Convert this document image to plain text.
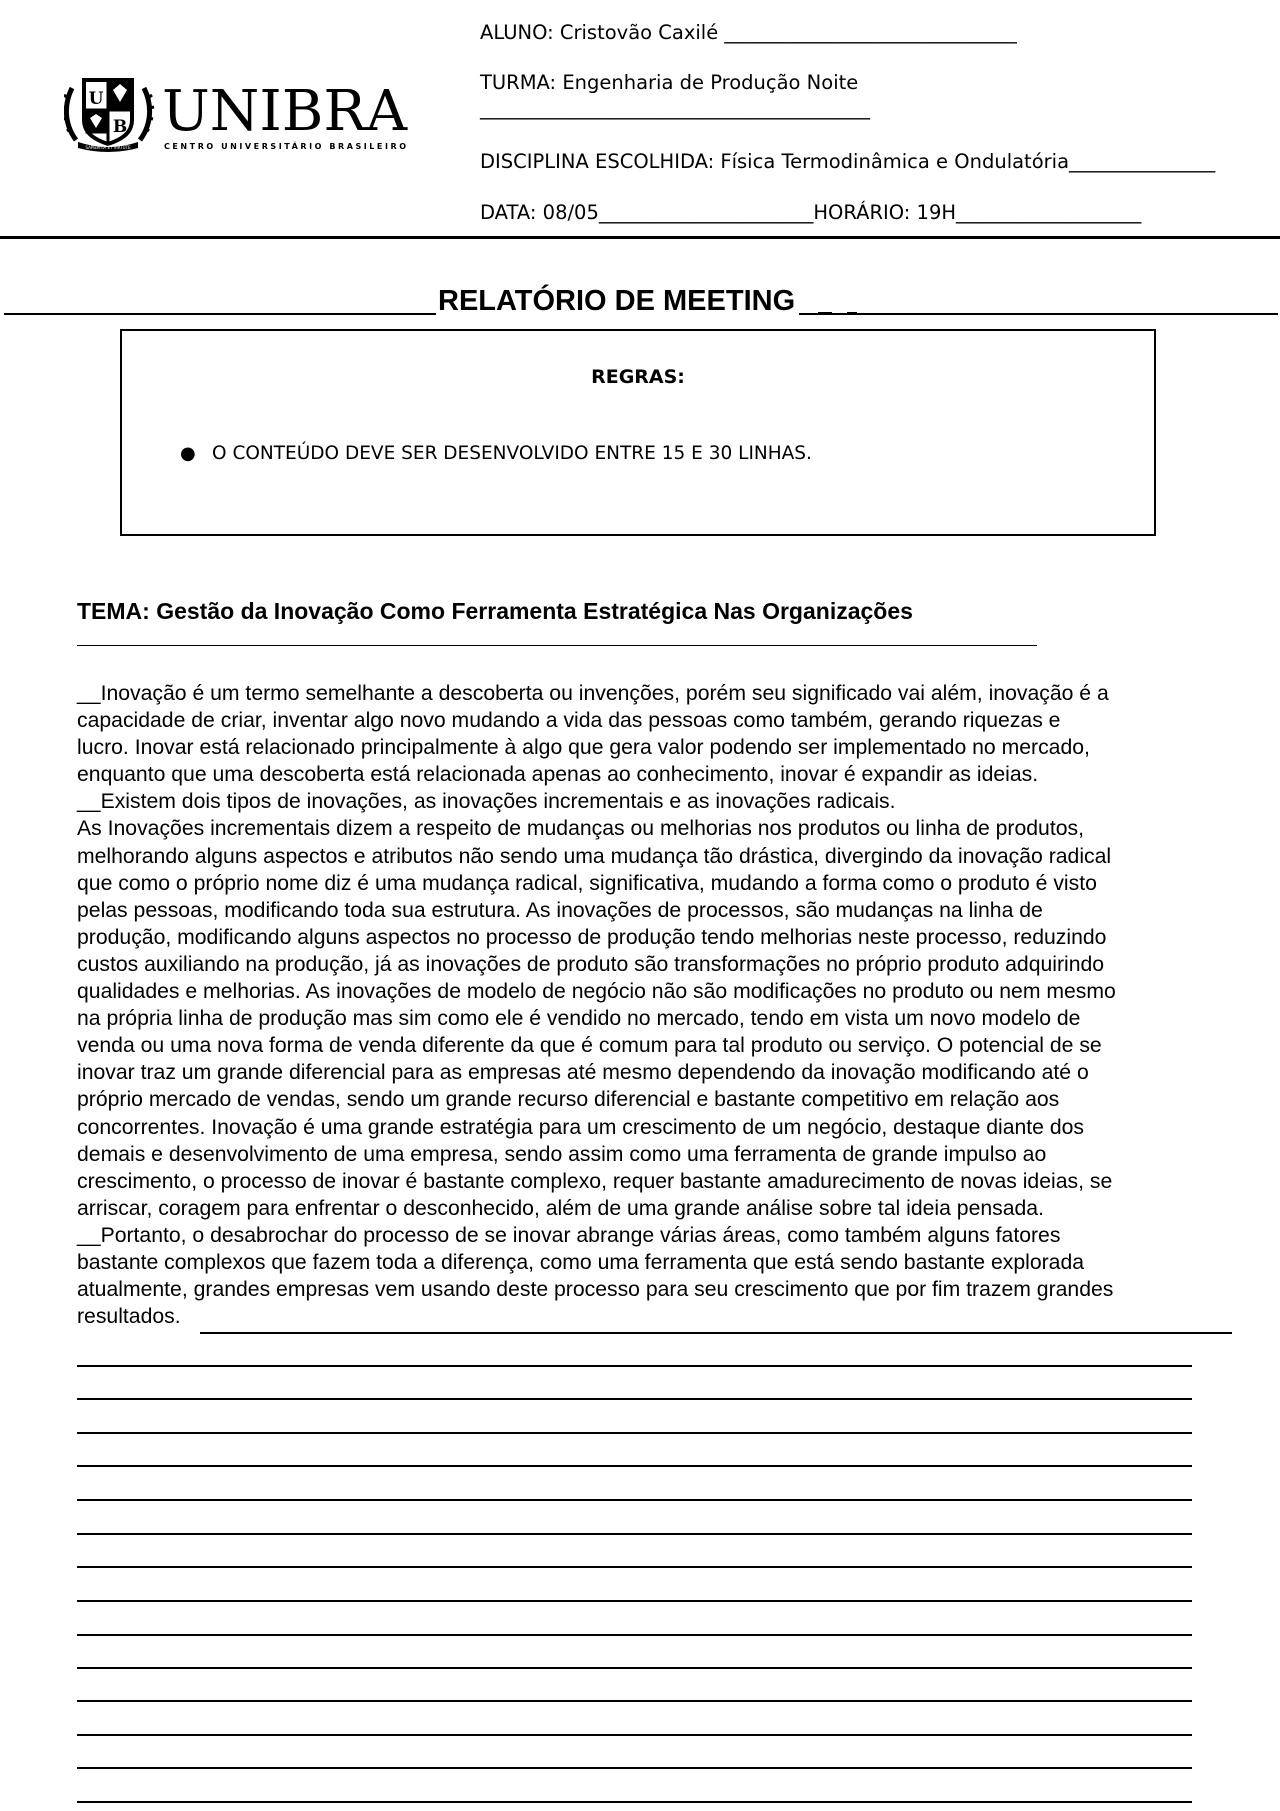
U
B
SAPIENTIA ET VIRTUTE
UNIBRA
CENTRO UNIVERSITÁRIO BRASILEIRO

ALUNO: Cristovão Caxilé ______________________________

TURMA: Engenharia de Produção Noite

________________________________________

DISCIPLINA ESCOLHIDA: Física Termodinâmica e Ondulatória_______________

DATA: 08/05______________________HORÁRIO: 19H___________________

RELATÓRIO DE MEETING
REGRAS:
● O CONTEÚDO DEVE SER DESENVOLVIDO ENTRE 15 E 30 LINHAS.
TEMA: Gestão da Inovação Como Ferramenta Estratégica Nas Organizações

__Inovação é um termo semelhante a descoberta ou invenções, porém seu significado vai além, inovação é a

capacidade de criar, inventar algo novo mudando a vida das pessoas como também, gerando riquezas e

lucro. Inovar está relacionado principalmente à algo que gera valor podendo ser implementado no mercado,

enquanto que uma descoberta está relacionada apenas ao conhecimento, inovar é expandir as ideias.

__Existem dois tipos de inovações, as inovações incrementais e as inovações radicais.

As Inovações incrementais dizem a respeito de mudanças ou melhorias nos produtos ou linha de produtos,

melhorando alguns aspectos e atributos não sendo uma mudança tão drástica, divergindo da inovação radical

que como o próprio nome diz é uma mudança radical, significativa, mudando a forma como o produto é visto

pelas pessoas, modificando toda sua estrutura. As inovações de processos, são mudanças na linha de

produção, modificando alguns aspectos no processo de produção tendo melhorias neste processo, reduzindo

custos auxiliando na produção, já as inovações de produto são transformações no próprio produto adquirindo

qualidades e melhorias. As inovações de modelo de negócio não são modificações no produto ou nem mesmo

na própria linha de produção mas sim como ele é vendido no mercado, tendo em vista um novo modelo de

venda ou uma nova forma de venda diferente da que é comum para tal produto ou serviço. O potencial de se

inovar traz um grande diferencial para as empresas até mesmo dependendo da inovação modificando até o

próprio mercado de vendas, sendo um grande recurso diferencial e bastante competitivo em relação aos

concorrentes. Inovação é uma grande estratégia para um crescimento de um negócio, destaque diante dos

demais e desenvolvimento de uma empresa, sendo assim como uma ferramenta de grande impulso ao

crescimento, o processo de inovar é bastante complexo, requer bastante amadurecimento de novas ideias, se

arriscar, coragem para enfrentar o desconhecido, além de uma grande análise sobre tal ideia pensada.

__Portanto, o desabrochar do processo de se inovar abrange várias áreas, como também alguns fatores

bastante complexos que fazem toda a diferença, como uma ferramenta que está sendo bastante explorada

atualmente, grandes empresas vem usando deste processo para seu crescimento que por fim trazem grandes

resultados.
